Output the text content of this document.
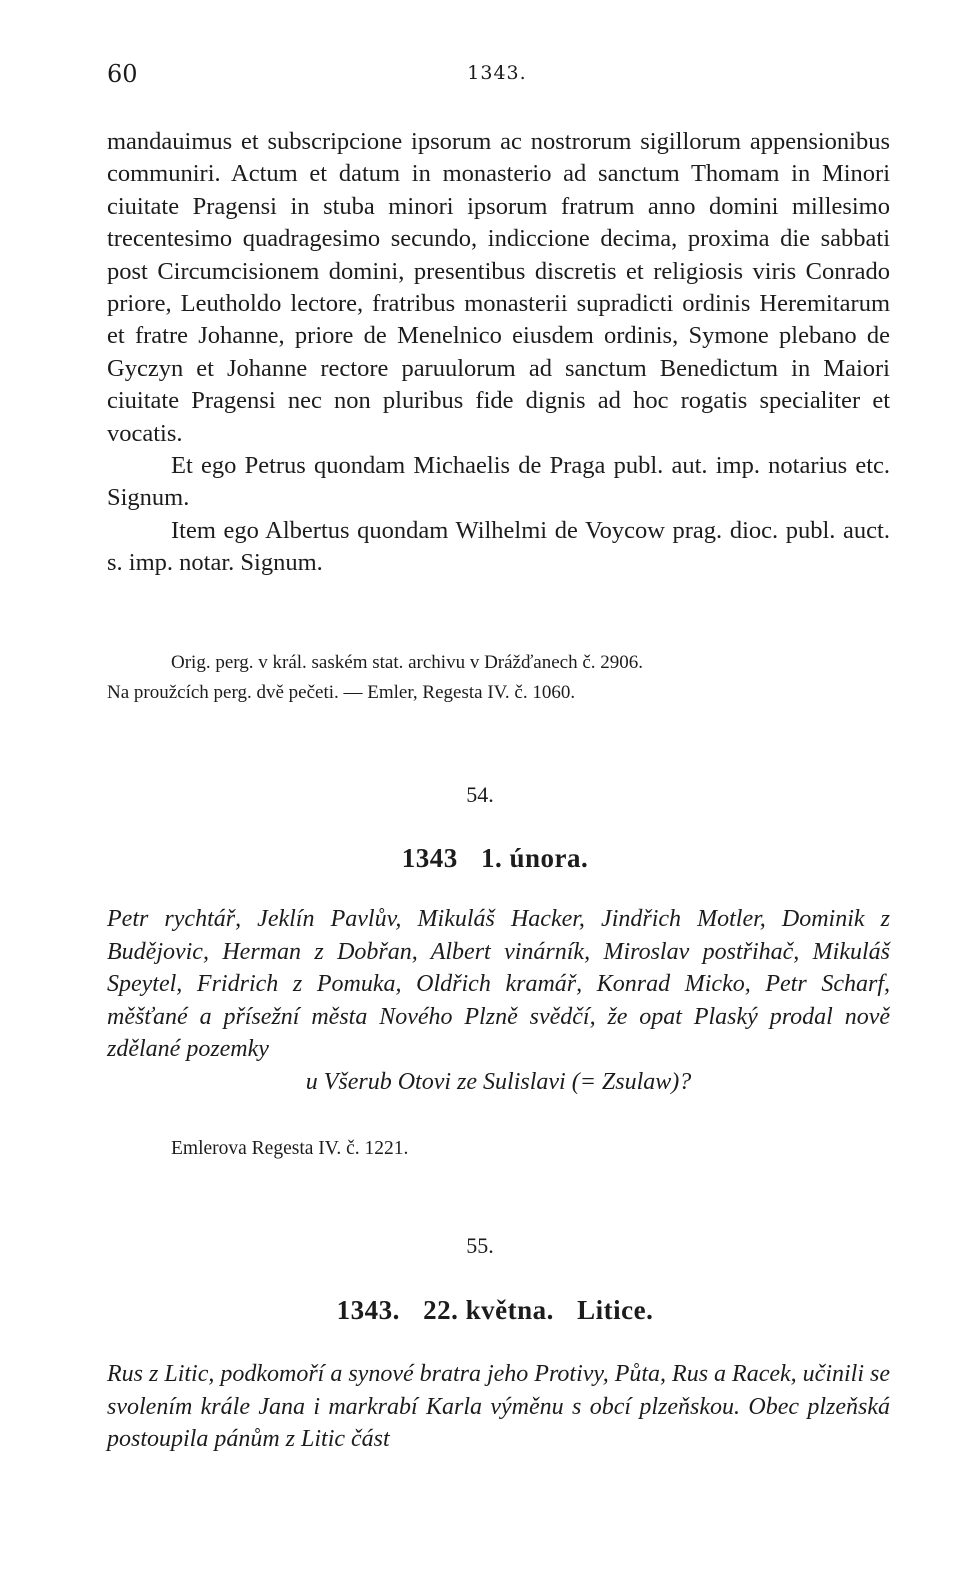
60	1343.

mandauimus et subscripcione ipsorum ac nostrorum sigillorum appensionibus communiri. Actum et datum in monasterio ad sanctum Thomam in Minori ciuitate Pragensi in stuba minori ipsorum fratrum anno domini millesimo trecentesimo quadragesimo secundo, indiccione decima, proxima die sabbati post Circumcisionem domini, presentibus discretis et religiosis viris Conrado priore, Leutholdo lectore, fratribus monasterii supradicti ordinis Heremitarum et fratre Johanne, priore de Menelnico eiusdem ordinis, Symone plebano de Gyczyn et Johanne rectore paruulorum ad sanctum Benedictum in Maiori ciuitate Pragensi nec non pluribus fide dignis ad hoc rogatis specialiter et vocatis.

Et ego Petrus quondam Michaelis de Praga publ. aut. imp. notarius etc. Signum.

Item ego Albertus quondam Wilhelmi de Voycow prag. dioc. publ. auct. s. imp. notar. Signum.

Orig. perg. v král. saském stat. archivu v Drážďanech č. 2906.

Na proužcích perg. dvě pečeti. — Emler, Regesta IV. č. 1060.

54.
1343 1. února.
Petr rychtář, Jeklín Pavlův, Mikuláš Hacker, Jindřich Motler, Dominik z Budějovic, Herman z Dobřan, Albert vinárník, Miroslav postřihač, Mikuláš Speytel, Fridrich z Pomuka, Oldřich kramář, Konrad Micko, Petr Scharf, měšťané a přísežní města Nového Plzně svědčí, že opat Plaský prodal nově zdělané pozemky
u Všerub Otovi ze Sulislavi (= Zsulaw)?
Emlerova Regesta IV. č. 1221.
55.
1343. 22. května. Litice.
Rus z Litic, podkomoří a synové bratra jeho Protivy, Půta, Rus a Racek, učinili se svolením krále Jana i markrabí Karla výměnu s obcí plzeňskou. Obec plzeňská postoupila pánům z Litic část
